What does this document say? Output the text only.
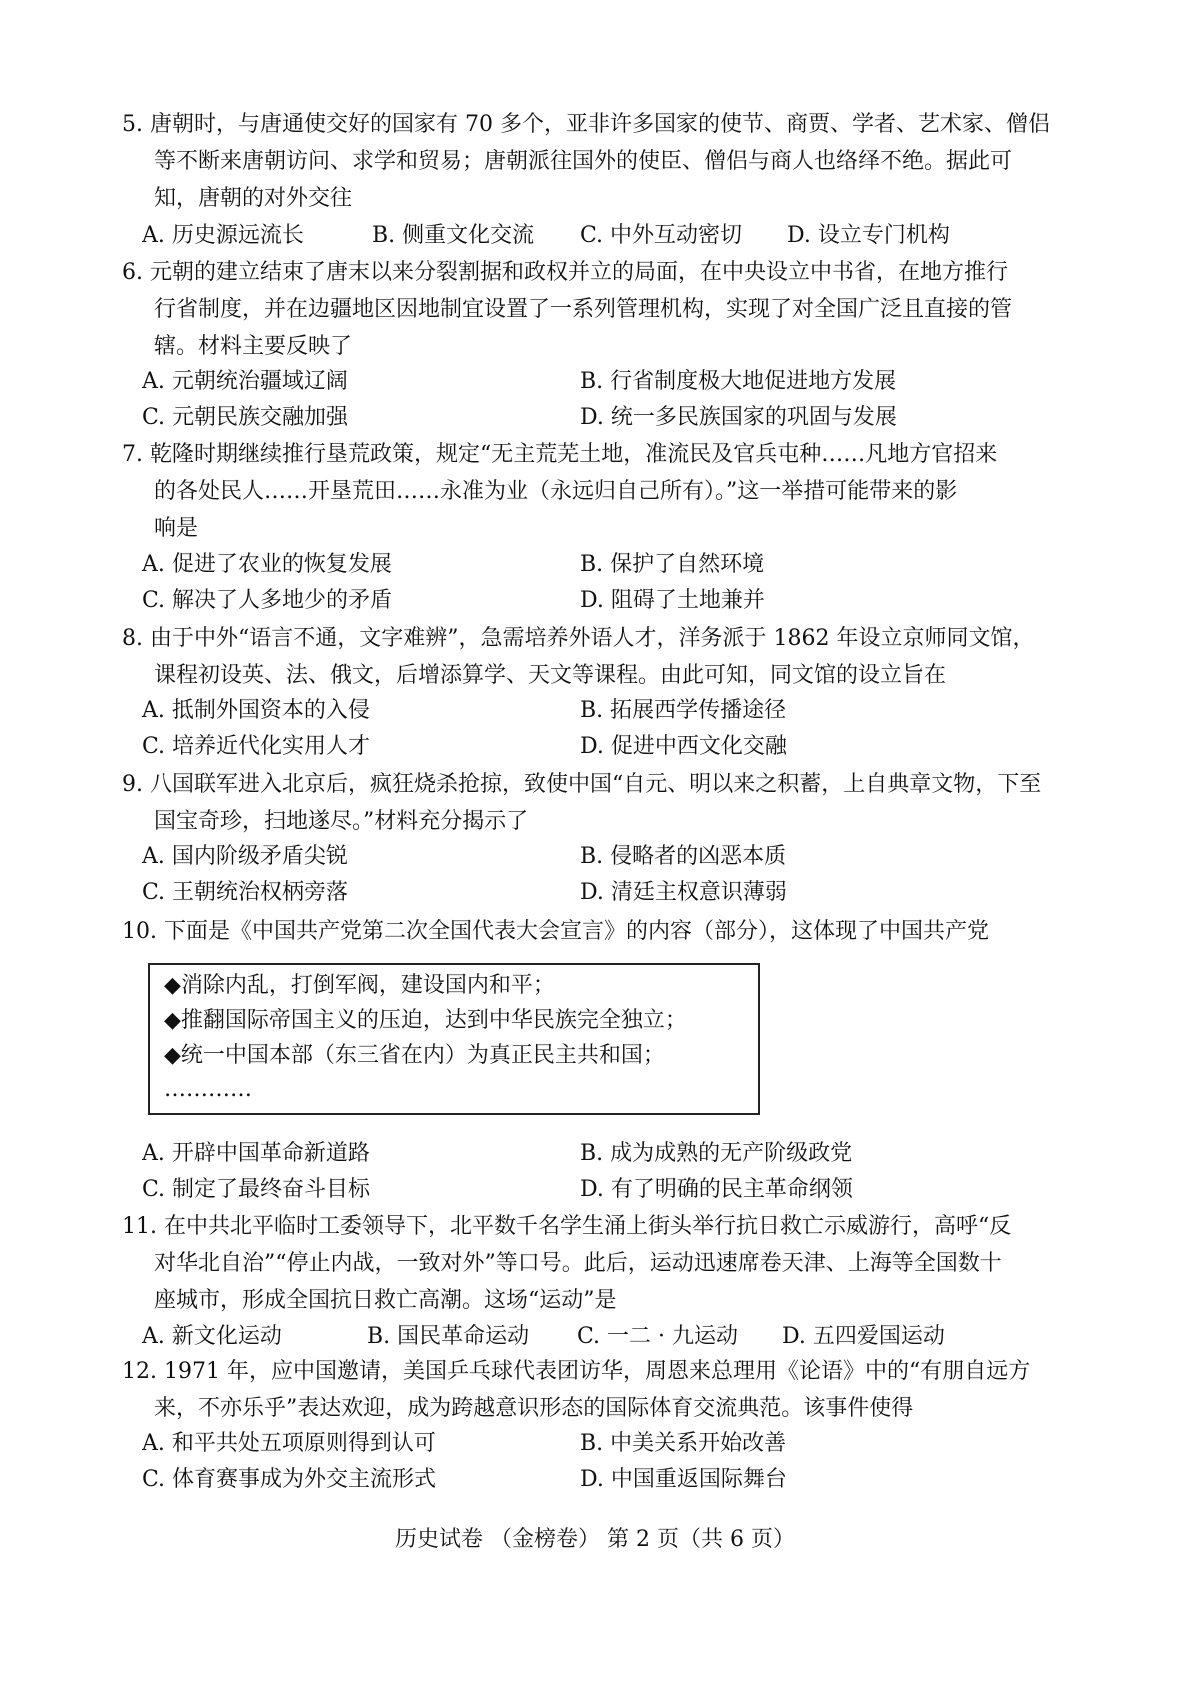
5. 唐朝时，与唐通使交好的国家有 70 多个，亚非许多国家的使节、商贾、学者、艺术家、僧侣
等不断来唐朝访问、求学和贸易；唐朝派往国外的使臣、僧侣与商人也络绎不绝。据此可
知，唐朝的对外交往
A. 历史源远流长	B. 侧重文化交流 C. 中外互动密切 D. 设立专门机构
6. 元朝的建立结束了唐末以来分裂割据和政权并立的局面，在中央设立中书省，在地方推行
行省制度，并在边疆地区因地制宜设置了一系列管理机构，实现了对全国广泛且直接的管
辖。材料主要反映了
A. 元朝统治疆域辽阔	B. 行省制度极大地促进地方发展
C. 元朝民族交融加强	D. 统一多民族国家的巩固与发展
7. 乾隆时期继续推行垦荒政策，规定“无主荒芜土地，准流民及官兵屯种……凡地方官招来
的各处民人……开垦荒田……永准为业（永远归自己所有）。”这一举措可能带来的影
响是
A. 促进了农业的恢复发展	B. 保护了自然环境
C. 解决了人多地少的矛盾	D. 阻碍了土地兼并
8. 由于中外“语言不通，文字难辨”，急需培养外语人才，洋务派于 1862 年设立京师同文馆，
课程初设英、法、俄文，后增添算学、天文等课程。由此可知，同文馆的设立旨在
A. 抵制外国资本的入侵	B. 拓展西学传播途径
C. 培养近代化实用人才	D. 促进中西文化交融
9. 八国联军进入北京后，疯狂烧杀抢掠，致使中国“自元、明以来之积蓄，上自典章文物，下至
国宝奇珍，扫地遂尽。”材料充分揭示了
A. 国内阶级矛盾尖锐	B. 侵略者的凶恶本质
C. 王朝统治权柄旁落	D. 清廷主权意识薄弱
10. 下面是《中国共产党第二次全国代表大会宣言》的内容（部分），这体现了中国共产党
A. 开辟中国革命新道路	B. 成为成熟的无产阶级政党
C. 制定了最终奋斗目标	D. 有了明确的民主革命纲领
◆消除内乱，打倒军阀，建设国内和平；
◆推翻国际帝国主义的压迫，达到中华民族完全独立；
◆统一中国本部（东三省在内）为真正民主共和国；
…………
11. 在中共北平临时工委领导下，北平数千名学生涌上街头举行抗日救亡示威游行，高呼“反
对华北自治”“停止内战，一致对外”等口号。此后，运动迅速席卷天津、上海等全国数十
座城市，形成全国抗日救亡高潮。这场“运动”是
A. 新文化运动	B. 国民革命运动 C. 一二 · 九运动 D. 五四爱国运动
12. 1971 年，应中国邀请，美国乒乓球代表团访华，周恩来总理用《论语》中的“有朋自远方
来，不亦乐乎”表达欢迎，成为跨越意识形态的国际体育交流典范。该事件使得
A. 和平共处五项原则得到认可	B. 中美关系开始改善
C. 体育赛事成为外交主流形式	D. 中国重返国际舞台
历史试卷 （金榜卷） 第 2 页（共 6 页）
